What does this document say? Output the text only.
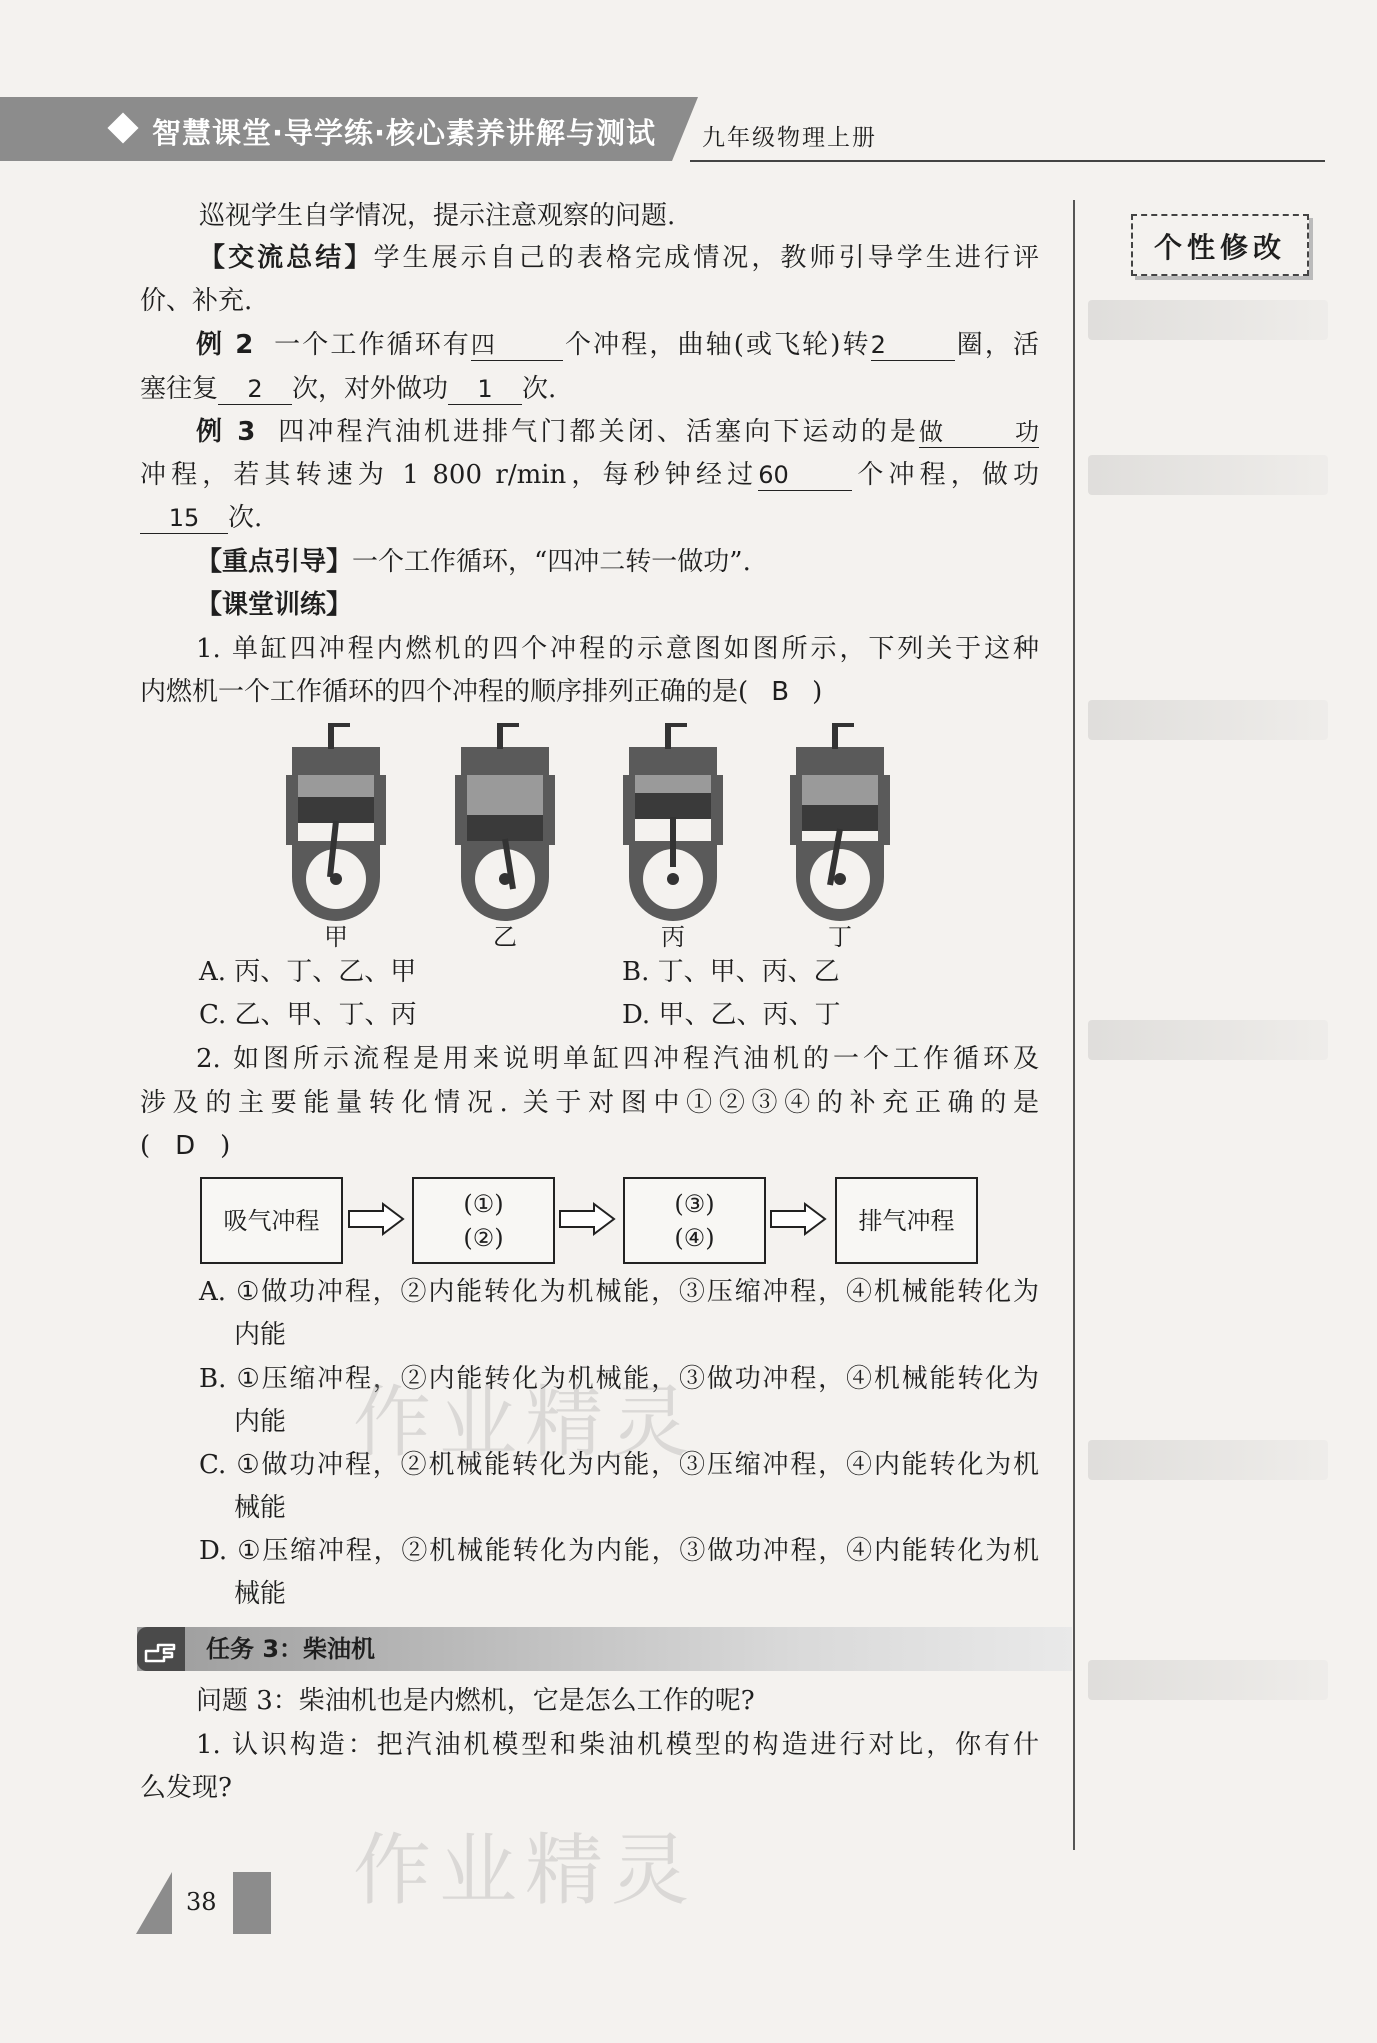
智慧课堂·导学练·核心素养讲解与测试 九年级物理上册
个性修改
巡视学生自学情况，提示注意观察的问题.
【交流总结】学生展示自己的表格完成情况，教师引导学生进行评
价、补充.
例 2 一个工作循环有四	个冲程，曲轴(或飞轮)转2	圈，活
塞往复 2 次，对外做功 1 次.
例 3 四冲程汽油机进排气门都关闭、活塞向下运动的是做功
冲程，若其转速为 1 800 r/min，每秒钟经过60 个冲程，做功
15 次.
【重点引导】一个工作循环，“四冲二转一做功”.
【课堂训练】
1. 单缸四冲程内燃机的四个冲程的示意图如图所示，下列关于这种
内燃机一个工作循环的四个冲程的顺序排列正确的是( B )
甲	乙	丙	丁
A. 丙、丁、乙、甲	B. 丁、甲、丙、乙
C. 乙、甲、丁、丙	D. 甲、乙、丙、丁
2. 如图所示流程是用来说明单缸四冲程汽油机的一个工作循环及
涉及的主要能量转化情况. 关于对图中①②③④的补充正确的是
( D )
吸气冲程
(①)
(②)
(③)
(④)
排气冲程
A. ①做功冲程，②内能转化为机械能，③压缩冲程，④机械能转化为
内能
B. ①压缩冲程，②内能转化为机械能，③做功冲程，④机械能转化为
内能
C. ①做功冲程，②机械能转化为内能，③压缩冲程，④内能转化为机
械能
D. ①压缩冲程，②机械能转化为内能，③做功冲程，④内能转化为机
械能
任务 3：柴油机
问题 3：柴油机也是内燃机，它是怎么工作的呢?
1. 认识构造：把汽油机模型和柴油机模型的构造进行对比，你有什
么发现?
作业精灵
作业精灵
38
